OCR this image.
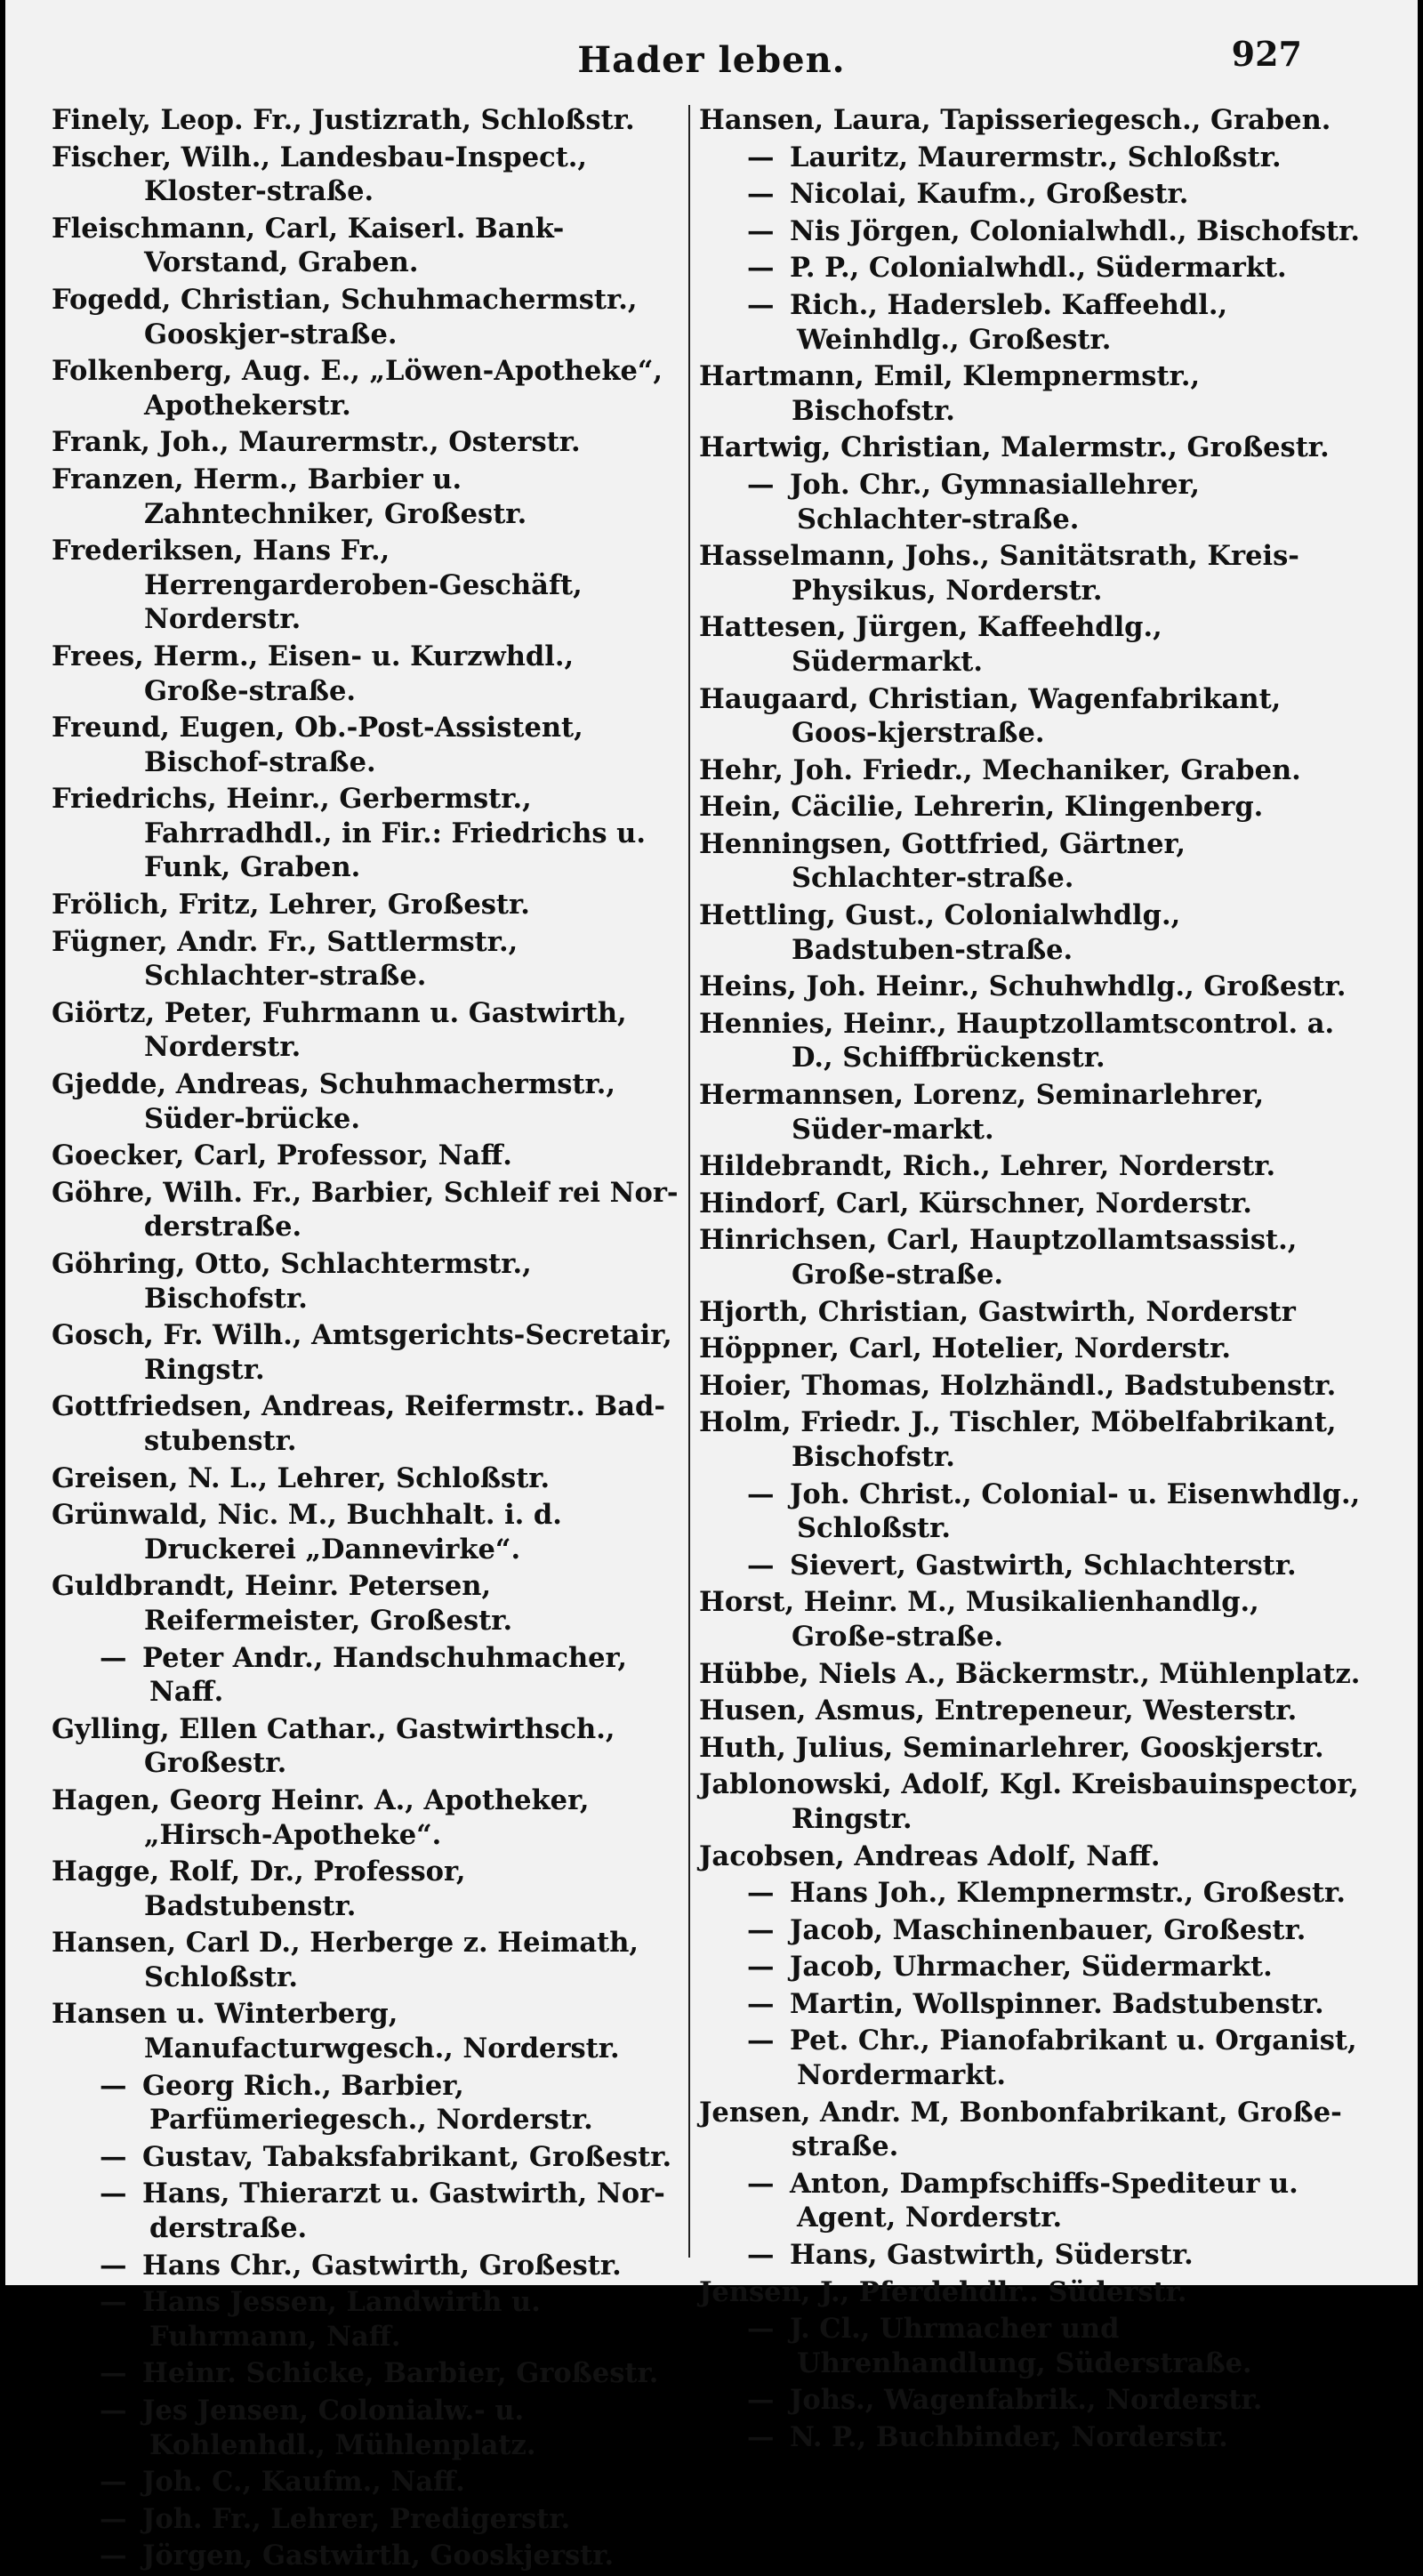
Hader leben.	927
Finely, Leop. Fr., Justizrath, Schloßstr.
Fischer, Wilh., Landesbau-Inspect., Kloster-straße.
Fleischmann, Carl, Kaiserl. Bank-Vorstand, Graben.
Fogedd, Christian, Schuhmachermstr., Gooskjer-straße.
Folkenberg, Aug. E., „Löwen-Apotheke“, Apothekerstr.
Frank, Joh., Maurermstr., Osterstr.
Franzen, Herm., Barbier u. Zahntechniker, Großestr.
Frederiksen, Hans Fr., Herrengarderoben-Geschäft, Norderstr.
Frees, Herm., Eisen- u. Kurzwhdl., Große-straße.
Freund, Eugen, Ob.-Post-Assistent, Bischof-straße.
Friedrichs, Heinr., Gerbermstr., Fahrradhdl., in Fir.: Friedrichs u. Funk, Graben.
Frölich, Fritz, Lehrer, Großestr.
Fügner, Andr. Fr., Sattlermstr., Schlachter-straße.
Giörtz, Peter, Fuhrmann u. Gastwirth, Norderstr.
Gjedde, Andreas, Schuhmachermstr., Süder-brücke.
Goecker, Carl, Professor, Naff.
Göhre, Wilh. Fr., Barbier, Schleif rei Nor-derstraße.
Göhring, Otto, Schlachtermstr., Bischofstr.
Gosch, Fr. Wilh., Amtsgerichts-Secretair, Ringstr.
Gottfriedsen, Andreas, Reifermstr.. Bad-stubenstr.
Greisen, N. L., Lehrer, Schloßstr.
Grünwald, Nic. M., Buchhalt. i. d. Druckerei „Dannevirke“.
Guldbrandt, Heinr. Petersen, Reifermeister, Großestr.
— Peter Andr., Handschuhmacher, Naff.
Gylling, Ellen Cathar., Gastwirthsch., Großestr.
Hagen, Georg Heinr. A., Apotheker, „Hirsch-Apotheke“.
Hagge, Rolf, Dr., Professor, Badstubenstr.
Hansen, Carl D., Herberge z. Heimath, Schloßstr.
Hansen u. Winterberg, Manufacturwgesch., Norderstr.
— Georg Rich., Barbier, Parfümeriegesch., Norderstr.
— Gustav, Tabaksfabrikant, Großestr.
— Hans, Thierarzt u. Gastwirth, Nor-derstraße.
— Hans Chr., Gastwirth, Großestr.
— Hans Jessen, Landwirth u. Fuhrmann, Naff.
— Heinr. Schicke, Barbier, Großestr.
— Jes Jensen, Colonialw.- u. Kohlenhdl., Mühlenplatz.
— Joh. C., Kaufm., Naff.
— Joh. Fr., Lehrer, Predigerstr.
— Jörgen, Gastwirth, Gooskjerstr.
Hansen, Laura, Tapisseriegesch., Graben.
— Lauritz, Maurermstr., Schloßstr.
— Nicolai, Kaufm., Großestr.
— Nis Jörgen, Colonialwhdl., Bischofstr.
— P. P., Colonialwhdl., Südermarkt.
— Rich., Hadersleb. Kaffeehdl., Weinhdlg., Großestr.
Hartmann, Emil, Klempnermstr., Bischofstr.
Hartwig, Christian, Malermstr., Großestr.
— Joh. Chr., Gymnasiallehrer, Schlachter-straße.
Hasselmann, Johs., Sanitätsrath, Kreis-Physikus, Norderstr.
Hattesen, Jürgen, Kaffeehdlg., Südermarkt.
Haugaard, Christian, Wagenfabrikant, Goos-kjerstraße.
Hehr, Joh. Friedr., Mechaniker, Graben.
Hein, Cäcilie, Lehrerin, Klingenberg.
Henningsen, Gottfried, Gärtner, Schlachter-straße.
Hettling, Gust., Colonialwhdlg., Badstuben-straße.
Heins, Joh. Heinr., Schuhwhdlg., Großestr.
Hennies, Heinr., Hauptzollamtscontrol. a. D., Schiffbrückenstr.
Hermannsen, Lorenz, Seminarlehrer, Süder-markt.
Hildebrandt, Rich., Lehrer, Norderstr.
Hindorf, Carl, Kürschner, Norderstr.
Hinrichsen, Carl, Hauptzollamtsassist., Große-straße.
Hjorth, Christian, Gastwirth, Norderstr
Höppner, Carl, Hotelier, Norderstr.
Hoier, Thomas, Holzhändl., Badstubenstr.
Holm, Friedr. J., Tischler, Möbelfabrikant, Bischofstr.
— Joh. Christ., Colonial- u. Eisenwhdlg., Schloßstr.
— Sievert, Gastwirth, Schlachterstr.
Horst, Heinr. M., Musikalienhandlg., Große-straße.
Hübbe, Niels A., Bäckermstr., Mühlenplatz.
Husen, Asmus, Entrepeneur, Westerstr.
Huth, Julius, Seminarlehrer, Gooskjerstr.
Jablonowski, Adolf, Kgl. Kreisbauinspector, Ringstr.
Jacobsen, Andreas Adolf, Naff.
— Hans Joh., Klempnermstr., Großestr.
— Jacob, Maschinenbauer, Großestr.
— Jacob, Uhrmacher, Südermarkt.
— Martin, Wollspinner. Badstubenstr.
— Pet. Chr., Pianofabrikant u. Organist, Nordermarkt.
Jensen, Andr. M, Bonbonfabrikant, Große-straße.
— Anton, Dampfschiffs-Spediteur u. Agent, Norderstr.
— Hans, Gastwirth, Süderstr.
Jensen, J., Pferdehdlr.. Süderstr.
— J. Cl., Uhrmacher und Uhrenhandlung, Süderstraße.
— Johs., Wagenfabrik., Norderstr.
— N. P., Buchbinder, Norderstr.
